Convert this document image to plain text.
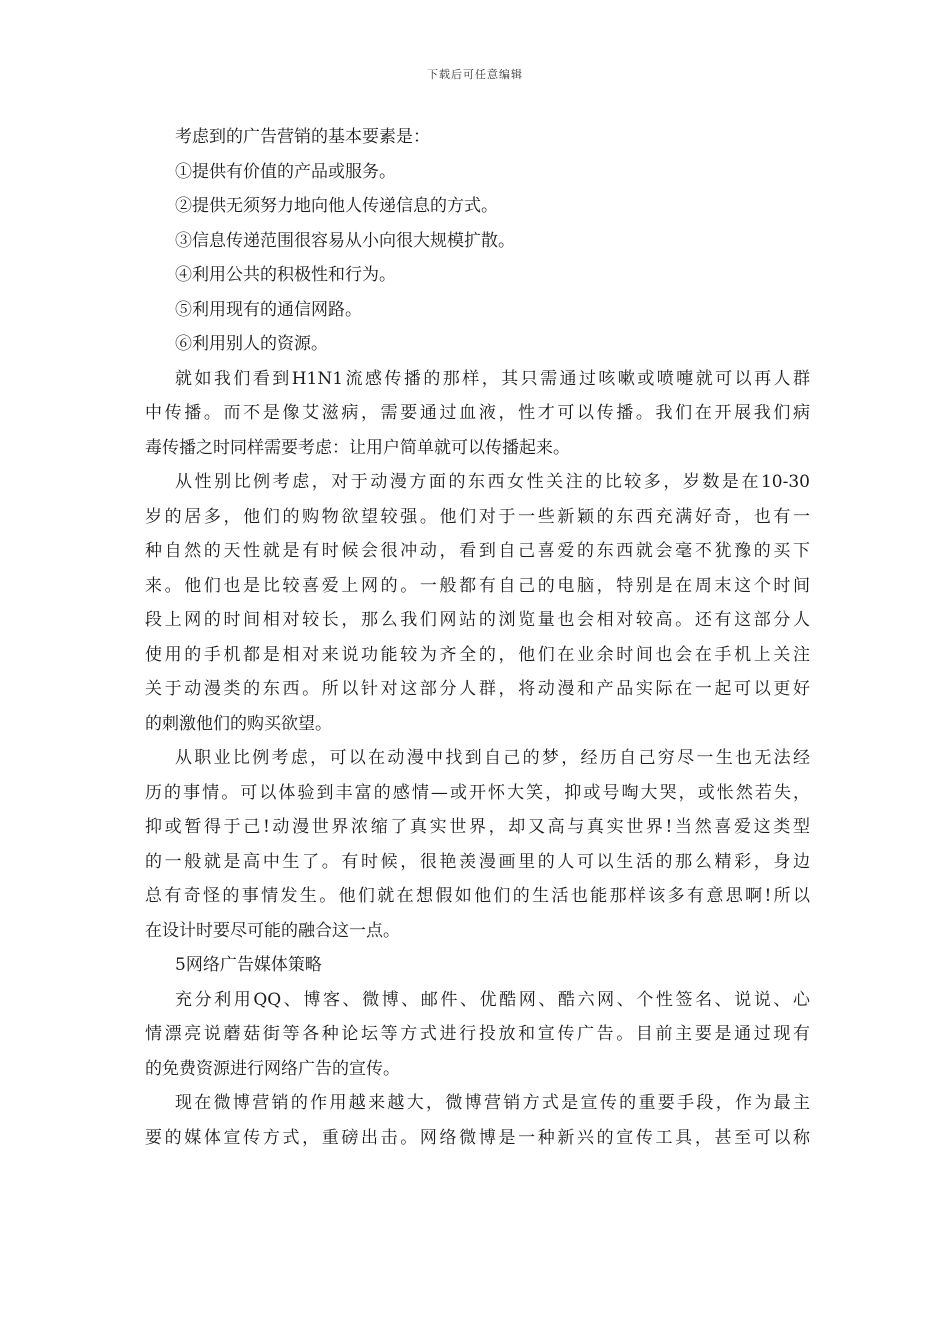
下载后可任意编辑
考虑到的广告营销的基本要素是：
①提供有价值的产品或服务。
②提供无须努力地向他人传递信息的方式。
③信息传递范围很容易从小向很大规模扩散。
④利用公共的积极性和行为。
⑤利用现有的通信网路。
⑥利用别人的资源。
就如我们看到H1N1流感传播的那样，其只需通过咳嗽或喷嚏就可以再人群
中传播。而不是像艾滋病，需要通过血液，性才可以传播。我们在开展我们病
毒传播之时同样需要考虑：让用户简单就可以传播起来。
从性别比例考虑，对于动漫方面的东西女性关注的比较多，岁数是在10-30
岁的居多，他们的购物欲望较强。他们对于一些新颖的东西充满好奇，也有一
种自然的天性就是有时候会很冲动，看到自己喜爱的东西就会毫不犹豫的买下
来。他们也是比较喜爱上网的。一般都有自己的电脑，特别是在周末这个时间
段上网的时间相对较长，那么我们网站的浏览量也会相对较高。还有这部分人
使用的手机都是相对来说功能较为齐全的，他们在业余时间也会在手机上关注
关于动漫类的东西。所以针对这部分人群，将动漫和产品实际在一起可以更好
的刺激他们的购买欲望。
从职业比例考虑，可以在动漫中找到自己的梦，经历自己穷尽一生也无法经
历的事情。可以体验到丰富的感情—或开怀大笑，抑或号啕大哭，或怅然若失，
抑或暂得于己!动漫世界浓缩了真实世界，却又高与真实世界!当然喜爱这类型
的一般就是高中生了。有时候，很艳羡漫画里的人可以生活的那么精彩，身边
总有奇怪的事情发生。他们就在想假如他们的生活也能那样该多有意思啊!所以
在设计时要尽可能的融合这一点。
5网络广告媒体策略
充分利用QQ、博客、微博、邮件、优酷网、酷六网、个性签名、说说、心
情漂亮说蘑菇街等各种论坛等方式进行投放和宣传广告。目前主要是通过现有
的免费资源进行网络广告的宣传。
现在微博营销的作用越来越大，微博营销方式是宣传的重要手段，作为最主
要的媒体宣传方式，重磅出击。网络微博是一种新兴的宣传工具，甚至可以称
